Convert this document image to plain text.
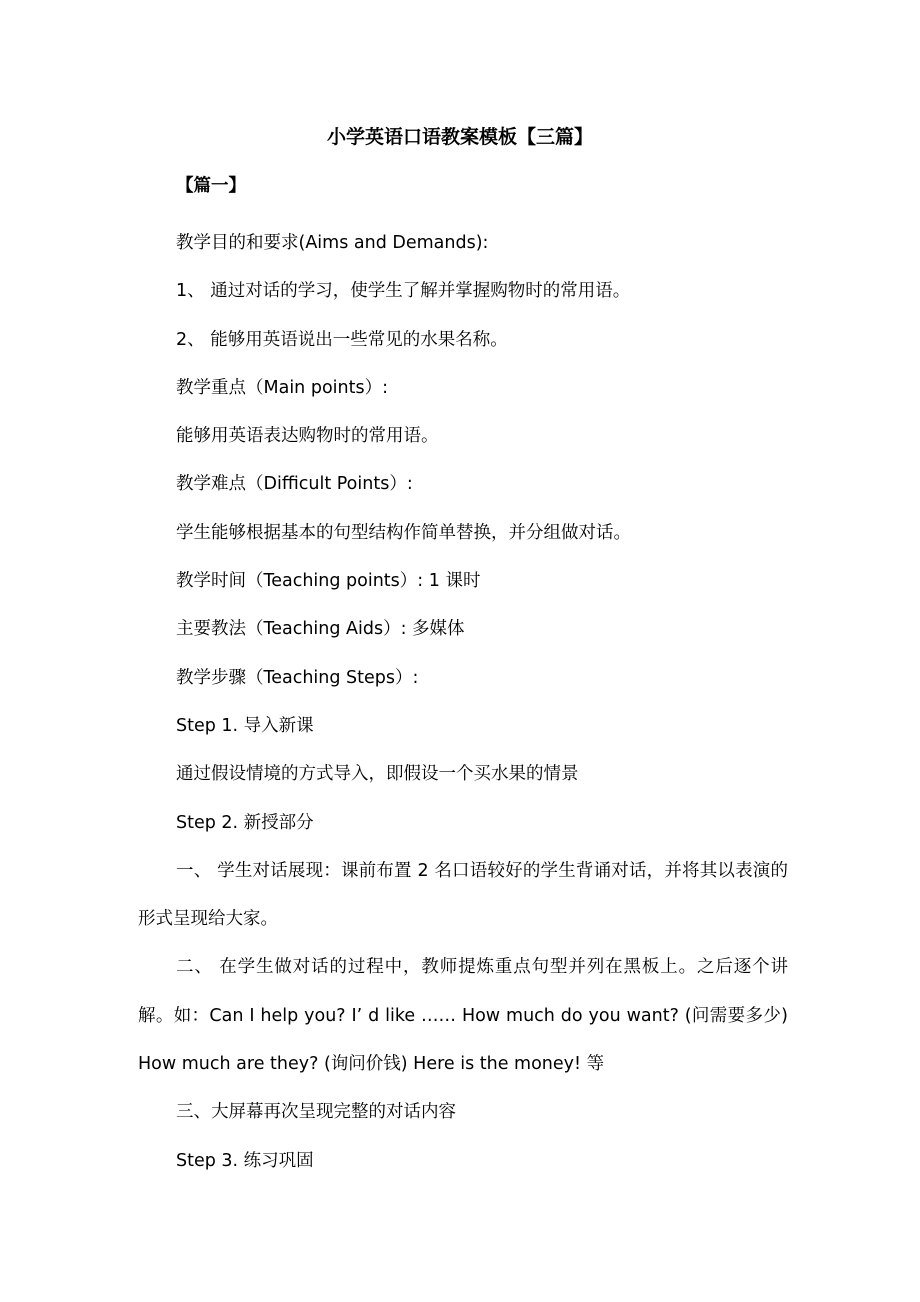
小学英语口语教案模板【三篇】
【篇一】

教学目的和要求(Aims and Demands):

1、 通过对话的学习，使学生了解并掌握购物时的常用语。

2、 能够用英语说出一些常见的水果名称。

教学重点（Main points）:

能够用英语表达购物时的常用语。

教学难点（Difficult Points）:

学生能够根据基本的句型结构作简单替换，并分组做对话。

教学时间（Teaching points）: 1 课时

主要教法（Teaching Aids）: 多媒体

教学步骤（Teaching Steps）:

Step 1. 导入新课

通过假设情境的方式导入，即假设一个买水果的情景

Step 2. 新授部分

一、 学生对话展现：课前布置 2 名口语较好的学生背诵对话，并将其以表演的形式呈现给大家。

二、 在学生做对话的过程中，教师提炼重点句型并列在黑板上。之后逐个讲解。如：Can I help you? I’ d like …… How much do you want? (问需要多少) How much are they? (询问价钱) Here is the money! 等

三、大屏幕再次呈现完整的对话内容

Step 3. 练习巩固
